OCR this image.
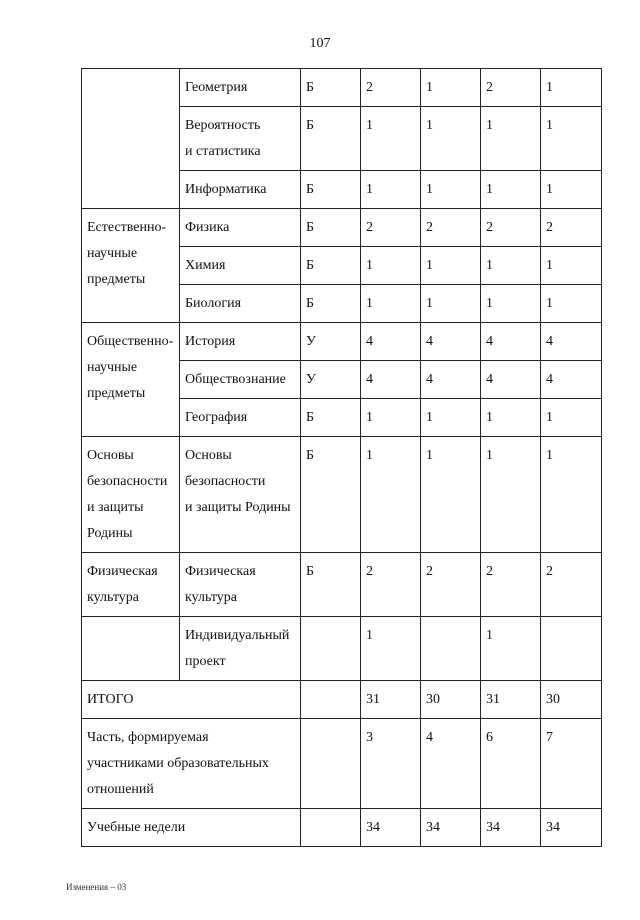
107
	Геометрия	Б	2	1	2	1

	Вероятность
и статистика	Б	1	1	1	1
	Информатика	Б	1	1	1	1

Естественно-
научные
предметы	Физика	Б	2	2	2	2
	Химия	Б	1	1	1	1
	Биология	Б	1	1	1	1

Общественно-
научные
предметы	История	У	4	4	4	4
	Обществознание	У	4	4	4	4
	География	Б	1	1	1	1

Основы
безопасности
и защиты
Родины	Основы
безопасности
и защиты Родины	Б	1	1	1	1

Физическая
культура	Физическая
культура	Б	2	2	2	2

	Индивидуальный
проект		1		1	
ИТОГО			31	30	31	30

Часть, формируемая
участниками образовательных
отношений			3	4	6	7
Учебные недели			34	34	34	34
Изменения – 03
